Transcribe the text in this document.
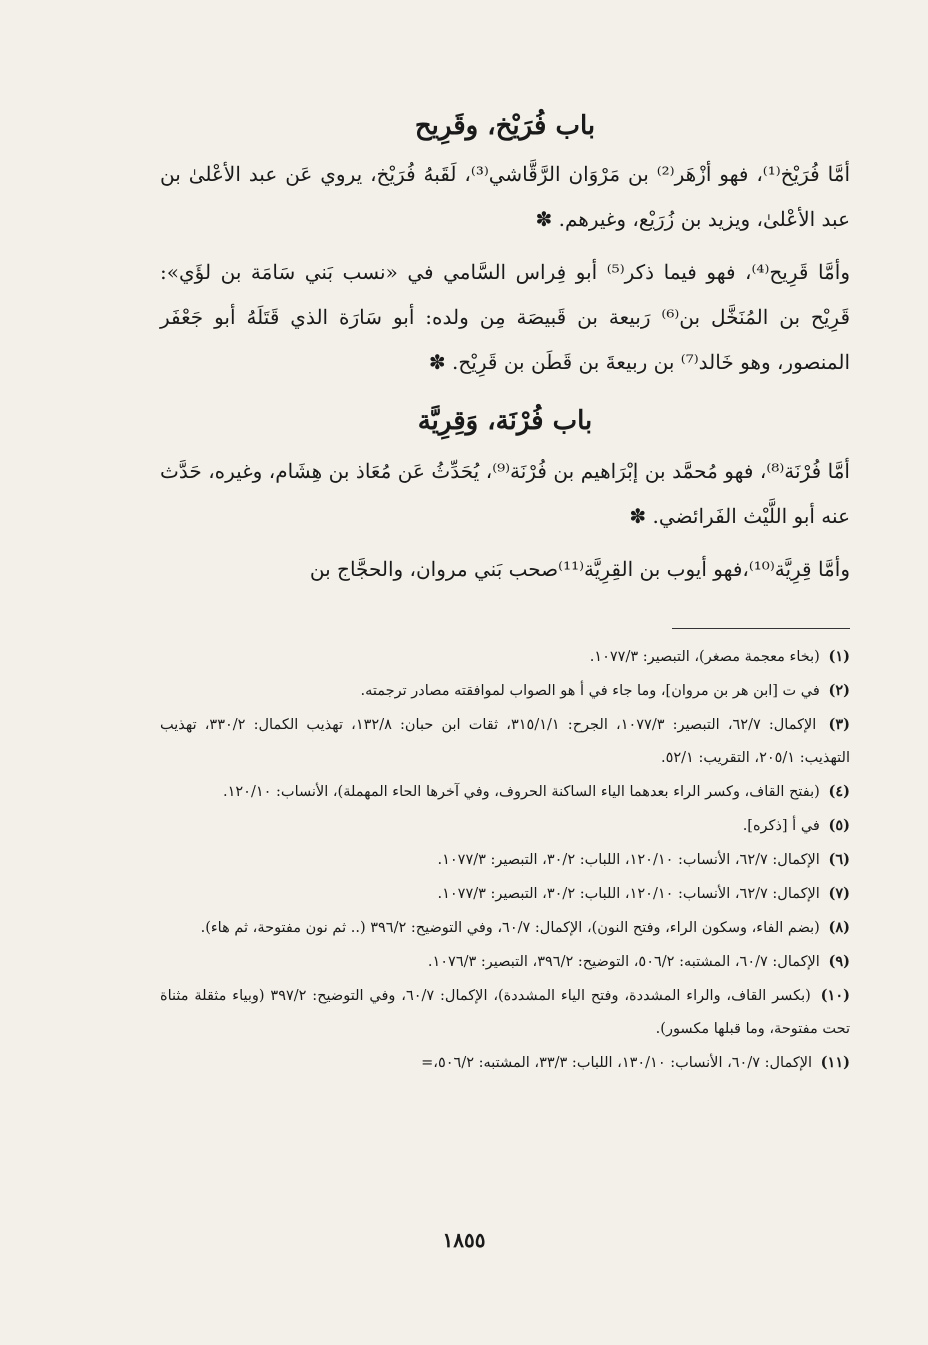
باب فُرَيْخ، وقَرِيح

أمَّا فُرَيْخ⁽¹⁾، فهو أزْهَر⁽²⁾ بن مَرْوَان الرَّقَّاشي⁽³⁾، لَقَبهُ فُرَيْخ، يروي عَن عبد الأعْلىٰ بن عبد الأعْلىٰ، ويزيد بن زُرَيْع، وغيرهم. ✽

وأمَّا قَرِيح⁽⁴⁾، فهو فيما ذكر⁽⁵⁾ أبو فِراس السَّامي في «نسب بَني سَامَة بن لؤَي»: قَرِيْح بن المُنَخَّل بن⁽⁶⁾ رَبيعة بن قَبيصَة مِن ولده: أبو سَارَة الذي قَتَلَهُ أبو جَعْفَر المنصور، وهو خَالد⁽⁷⁾ بن ربيعةَ بن قَطَن بن قَرِيْح. ✽

باب فُرْنَة، وَقِرِيَّة

أمَّا فُرْنَة⁽⁸⁾، فهو مُحمَّد بن إبْرَاهيم بن فُرْنَة⁽⁹⁾، يُحَدِّثُ عَن مُعَاذ بن هِشَام، وغيره، حَدَّث عنه أبو اللَّيْث الفَرائضي. ✽

وأمَّا قِرِيَّة⁽¹⁰⁾،فهو أيوب بن القِرِيَّة⁽¹¹⁾صحب بَني مروان، والحجَّاج بن

(١) (بخاء معجمة مصغر)، التبصير: ١٠٧٧/٣.

(٢) في ت [ابن هر بن مروان]، وما جاء في أ هو الصواب لموافقته مصادر ترجمته.

(٣) الإكمال: ٦٢/٧، التبصير: ١٠٧٧/٣، الجرح: ٣١٥/١/١، ثقات ابن حبان: ١٣٢/٨، تهذيب الكمال: ٣٣٠/٢، تهذيب التهذيب: ٢٠٥/١، التقريب: ٥٢/١.

(٤) (بفتح القاف، وكسر الراء بعدهما الياء الساكنة الحروف، وفي آخرها الحاء المهملة)، الأنساب: ١٢٠/١٠.

(٥) في أ [ذكره].

(٦) الإكمال: ٦٢/٧، الأنساب: ١٢٠/١٠، اللباب: ٣٠/٢، التبصير: ١٠٧٧/٣.

(٧) الإكمال: ٦٢/٧، الأنساب: ١٢٠/١٠، اللباب: ٣٠/٢، التبصير: ١٠٧٧/٣.

(٨) (بضم الفاء، وسكون الراء، وفتح النون)، الإكمال: ٦٠/٧، وفي التوضيح: ٣٩٦/٢ (.. ثم نون مفتوحة، ثم هاء).

(٩) الإكمال: ٦٠/٧، المشتبه: ٥٠٦/٢، التوضيح: ٣٩٦/٢، التبصير: ١٠٧٦/٣.

(١٠) (بكسر القاف، والراء المشددة، وفتح الياء المشددة)، الإكمال: ٦٠/٧، وفي التوضيح: ٣٩٧/٢ (وبياء مثقلة مثناة تحت مفتوحة، وما قبلها مكسور).

(١١) الإكمال: ٦٠/٧، الأنساب: ١٣٠/١٠، اللباب: ٣٣/٣، المشتبه: ٥٠٦/٢،=

١٨٥٥
